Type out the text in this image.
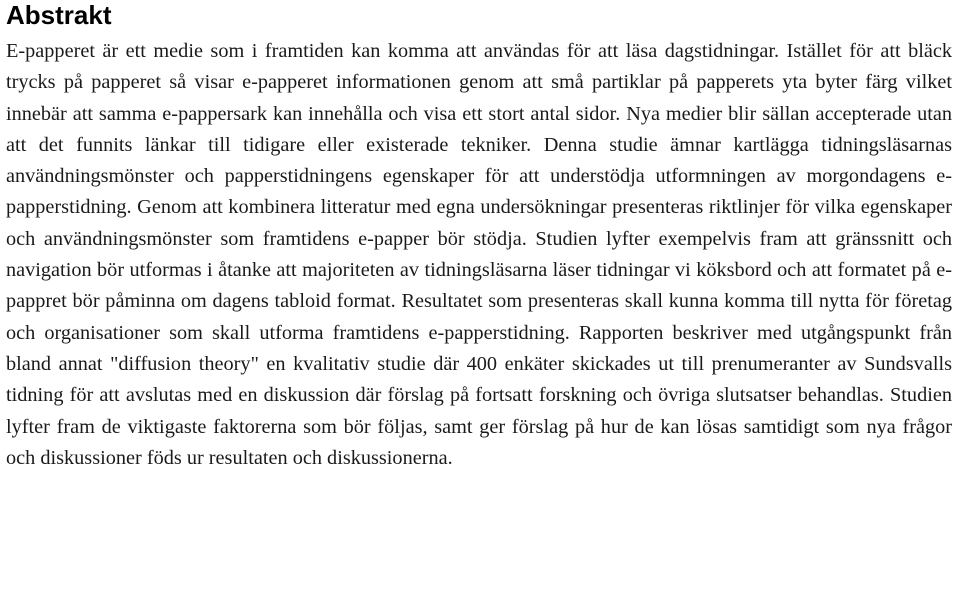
Abstrakt

E-papperet är ett medie som i framtiden kan komma att användas för att läsa dagstidningar. Istället för att bläck trycks på papperet så visar e-papperet informationen genom att små partiklar på papperets yta byter färg vilket innebär att samma e-pappersark kan innehålla och visa ett stort antal sidor. Nya medier blir sällan accepterade utan att det funnits länkar till tidigare eller existerade tekniker. Denna studie ämnar kartlägga tidningsläsarnas användningsmönster och papperstidningens egenskaper för att understödja utformningen av morgondagens e-papperstidning. Genom att kombinera litteratur med egna undersökningar presenteras riktlinjer för vilka egenskaper och användningsmönster som framtidens e-papper bör stödja. Studien lyfter exempelvis fram att gränssnitt och navigation bör utformas i åtanke att majoriteten av tidningsläsarna läser tidningar vi köksbord och att formatet på e-pappret bör påminna om dagens tabloid format. Resultatet som presenteras skall kunna komma till nytta för företag och organisationer som skall utforma framtidens e-papperstidning. Rapporten beskriver med utgångspunkt från bland annat "diffusion theory" en kvalitativ studie där 400 enkäter skickades ut till prenumeranter av Sundsvalls tidning för att avslutas med en diskussion där förslag på fortsatt forskning och övriga slutsatser behandlas. Studien lyfter fram de viktigaste faktorerna som bör följas, samt ger förslag på hur de kan lösas samtidigt som nya frågor och diskussioner föds ur resultaten och diskussionerna.
